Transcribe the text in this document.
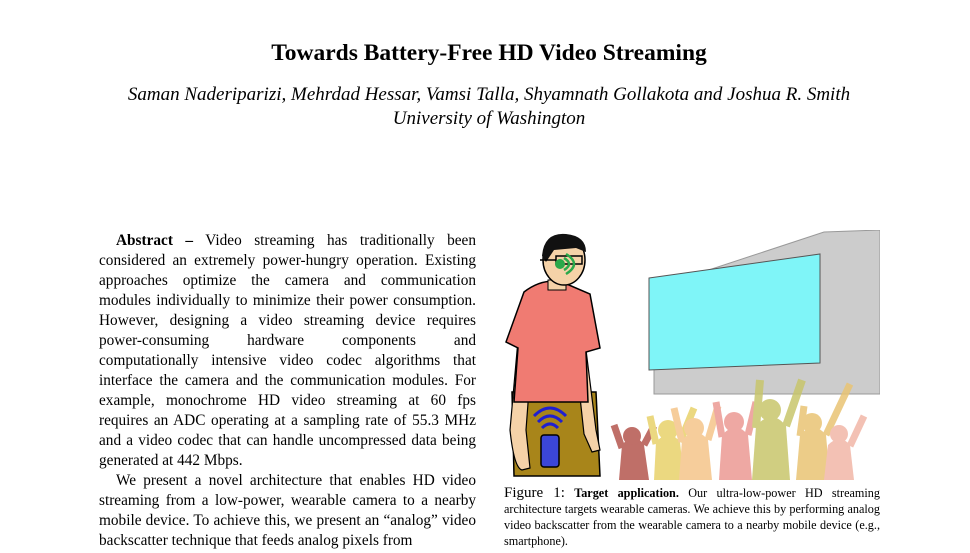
Towards Battery-Free HD Video Streaming
Saman Naderiparizi, Mehrdad Hessar, Vamsi Talla, Shyamnath Gollakota and Joshua R. Smith
University of Washington

Abstract – Video streaming has traditionally been considered an extremely power-hungry operation. Existing approaches optimize the camera and communication modules individually to minimize their power consumption. However, designing a video streaming device requires power-consuming hardware components and computationally intensive video codec algorithms that interface the camera and the communication modules. For example, monochrome HD video streaming at 60 fps requires an ADC operating at a sampling rate of 55.3 MHz and a video codec that can handle uncompressed data being generated at 442 Mbps.

We present a novel architecture that enables HD video streaming from a low-power, wearable camera to a nearby mobile device. To achieve this, we present an “analog” video backscatter technique that feeds analog pixels from

Figure 1: Target application. Our ultra-low-power HD streaming architecture targets wearable cameras. We achieve this by performing analog video backscatter from the wearable camera to a nearby mobile device (e.g., smartphone).
